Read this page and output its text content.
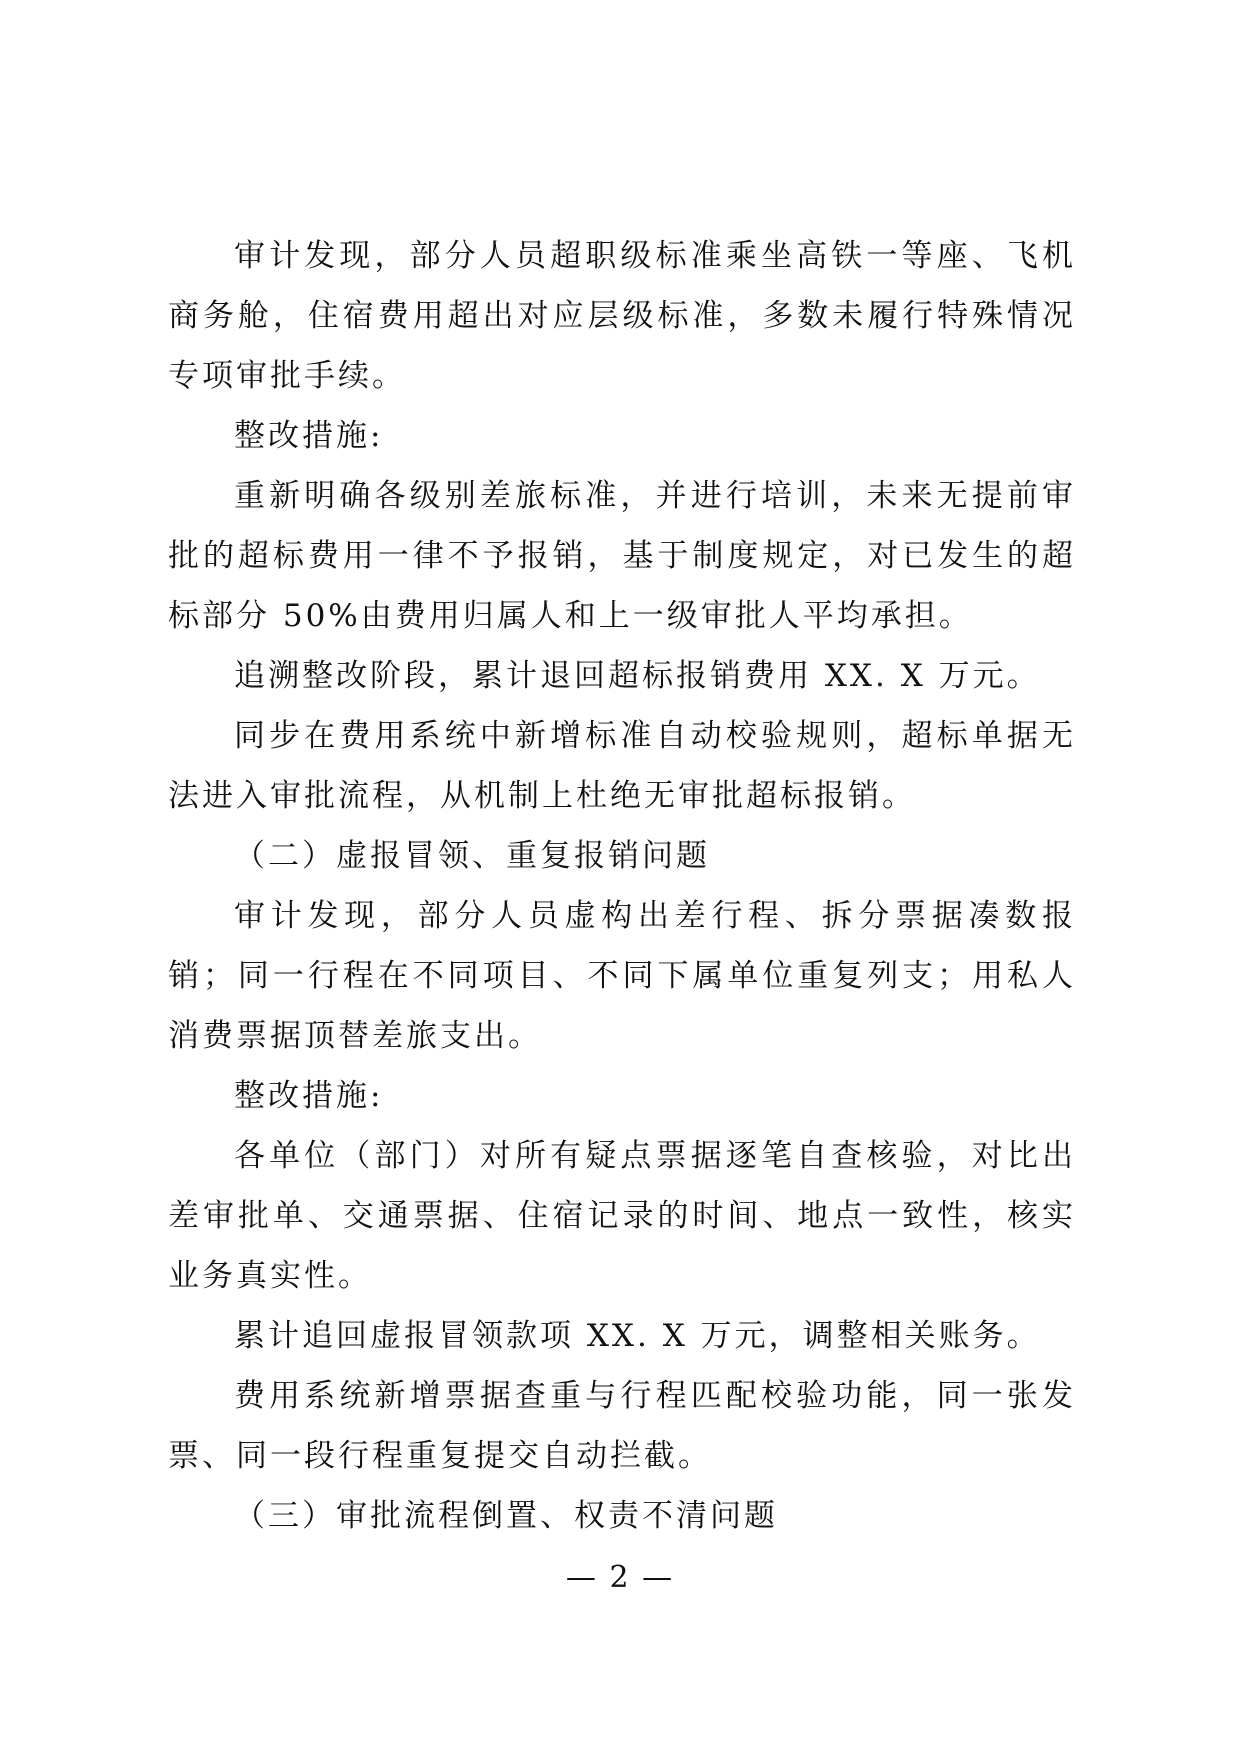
审计发现，部分人员超职级标准乘坐高铁一等座、飞机商务舱，住宿费用超出对应层级标准，多数未履行特殊情况专项审批手续。

整改措施:

重新明确各级别差旅标准，并进行培训，未来无提前审批的超标费用一律不予报销，基于制度规定，对已发生的超标部分 50%由费用归属人和上一级审批人平均承担。

追溯整改阶段，累计退回超标报销费用 XX. X 万元。

同步在费用系统中新增标准自动校验规则，超标单据无法进入审批流程，从机制上杜绝无审批超标报销。

（二）虚报冒领、重复报销问题

审计发现，部分人员虚构出差行程、拆分票据凑数报销；同一行程在不同项目、不同下属单位重复列支；用私人消费票据顶替差旅支出。

整改措施:

各单位（部门）对所有疑点票据逐笔自查核验，对比出差审批单、交通票据、住宿记录的时间、地点一致性，核实业务真实性。

累计追回虚报冒领款项 XX. X 万元，调整相关账务。

费用系统新增票据查重与行程匹配校验功能，同一张发票、同一段行程重复提交自动拦截。

（三）审批流程倒置、权责不清问题

— 2 —
